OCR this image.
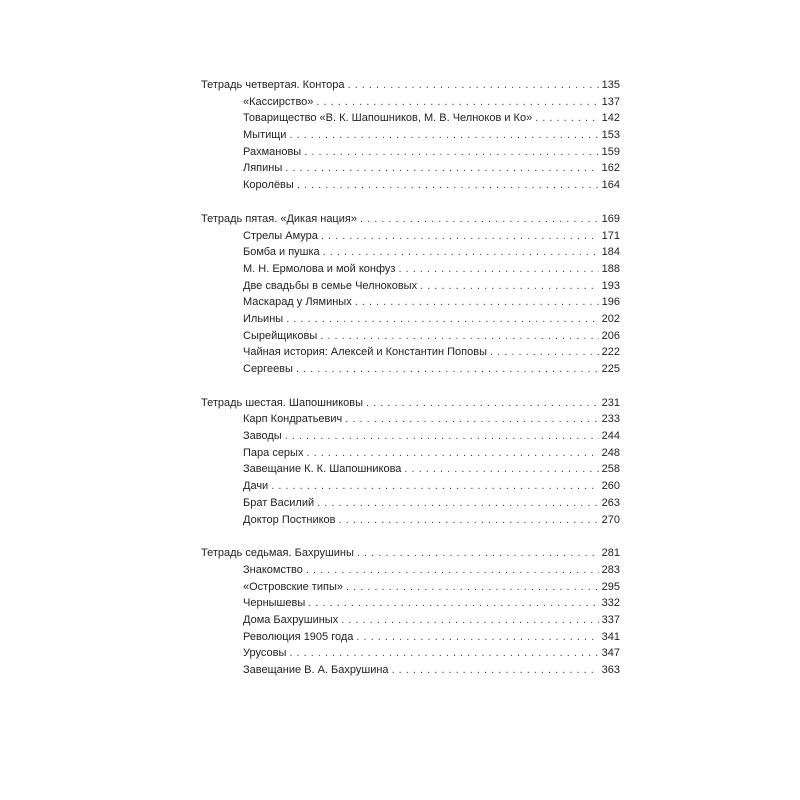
Тетрадь четвертая. Контора . . .	135
«Кассирство» . . .	137
Товарищество «В. К. Шапошников, М. В. Челноков и Ко» . . .	142
Мытищи . . .	153
Рахмановы . . .	159
Ляпины . . .	162
Королёвы . . .	164
Тетрадь пятая. «Дикая нация» . . .	169
Стрелы Амура . . .	171
Бомба и пушка . . .	184
М. Н. Ермолова и мой конфуз . . .	188
Две свадьбы в семье Челноковых . . .	193
Маскарад у Ляминых . . .	196
Ильины . . .	202
Сырейщиковы . . .	206
Чайная история: Алексей и Константин Поповы . . .	222
Сергеевы . . .	225
Тетрадь шестая. Шапошниковы . . .	231
Карп Кондратьевич . . .	233
Заводы . . .	244
Пара серых . . .	248
Завещание К. К. Шапошникова . . .	258
Дачи . . .	260
Брат Василий . . .	263
Доктор Постников . . .	270
Тетрадь седьмая. Бахрушины . . .	281
Знакомство . . .	283
«Островские типы» . . .	295
Чернышевы . . .	332
Дома Бахрушиных . . .	337
Революция 1905 года . . .	341
Урусовы . . .	347
Завещание В. А. Бахрушина . . .	363
